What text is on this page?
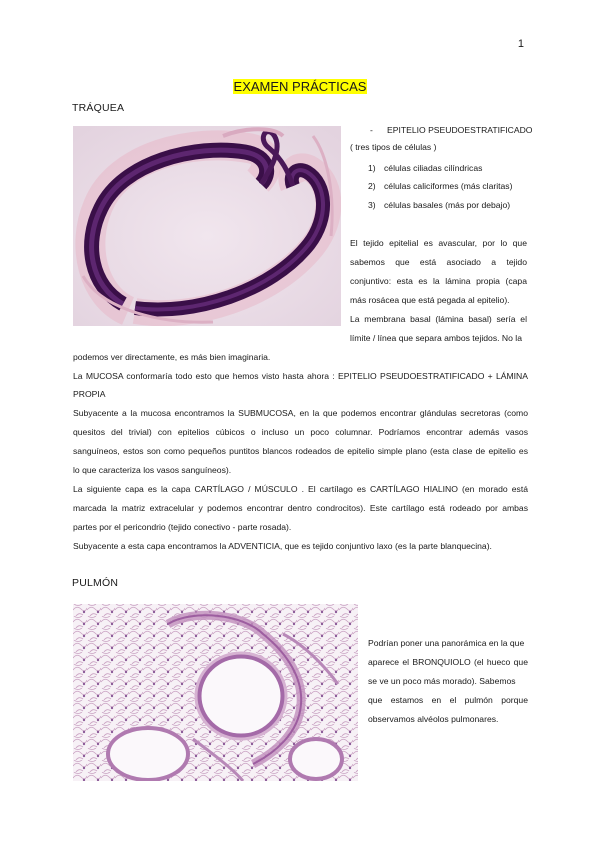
1
EXAMEN PRÁCTICAS
TRÁQUEA
- EPITELIO PSEUDOESTRATIFICADO
( tres tipos de células )
1) células ciliadas cilíndricas
2) células caliciformes (más claritas)
3) células basales (más por debajo)

El tejido epitelial es avascular, por lo que

sabemos que está asociado a tejido

conjuntivo: esta es la lámina propia (capa

más rosácea que está pegada al epitelio).

La membrana basal (lámina basal) sería el

límite / línea que separa ambos tejidos. No la

podemos ver directamente, es más bien imaginaria.

La MUCOSA conformaría todo esto que hemos visto hasta ahora : EPITELIO PSEUDOESTRATIFICADO + LÁMINA

PROPIA

Subyacente a la mucosa encontramos la SUBMUCOSA, en la que podemos encontrar glándulas secretoras (como

quesitos del trivial) con epitelios cúbicos o incluso un poco columnar. Podríamos encontrar además vasos

sanguíneos, estos son como pequeños puntitos blancos rodeados de epitelio simple plano (esta clase de epitelio es

lo que caracteriza los vasos sanguíneos).

La siguiente capa es la capa CARTÍLAGO / MÚSCULO . El cartílago es CARTÍLAGO HIALINO (en morado está

marcada la matriz extracelular y podemos encontrar dentro condrocitos). Este cartílago está rodeado por ambas

partes por el pericondrio (tejido conectivo - parte rosada).

Subyacente a esta capa encontramos la ADVENTICIA, que es tejido conjuntivo laxo (es la parte blanquecina).

PULMÓN

Podrían poner una panorámica en la que

aparece el BRONQUIOLO (el hueco que

se ve un poco más morado). Sabemos

que estamos en el pulmón porque

observamos alvéolos pulmonares.
